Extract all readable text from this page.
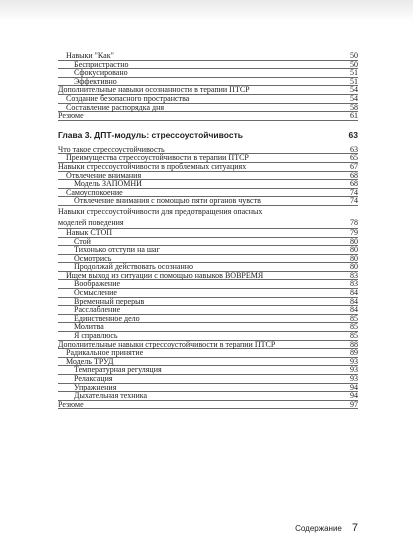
Навыки "Как"	50
Беспристрастно	50
Сфокусировано	51
Эффективно	51
Дополнительные навыки осознанности в терапии ПТСР	54
Создание безопасного пространства	54
Составление распорядка дня	58
Резюме	61
Глава 3. ДПТ-модуль: стрессоустойчивость	63
Что такое стрессоустойчивость	63
Преимущества стрессоустойчивости в терапии ПТСР	65
Навыки стрессоустойчивости в проблемных ситуациях	67
Отвлечение внимания	68
Модель ЗАПОМНИ	68
Самоуспокоение	74
Отвлечение внимания с помощью пяти органов чувств	74
Навыки стрессоустойчивости для предотвращения опасных
моделей поведения	78
Навык СТОП	79
Стой	80
Тихонько отступи на шаг	80
Осмотрись	80
Продолжай действовать осознанно	80
Ищем выход из ситуации с помощью навыков ВОВРЕМЯ	83
Воображение	83
Осмысление	84
Временный перерыв	84
Расслабление	84
Единственное дело	85
Молитва	85
Я справлюсь	85
Дополнительные навыки стрессоустойчивости в терапии ПТСР	88
Радикальное принятие	89
Модель ТРУД	93
Температурная регуляция	93
Релаксация	93
Упражнения	94
Дыхательная техника	94
Резюме	97
Содержание 7
